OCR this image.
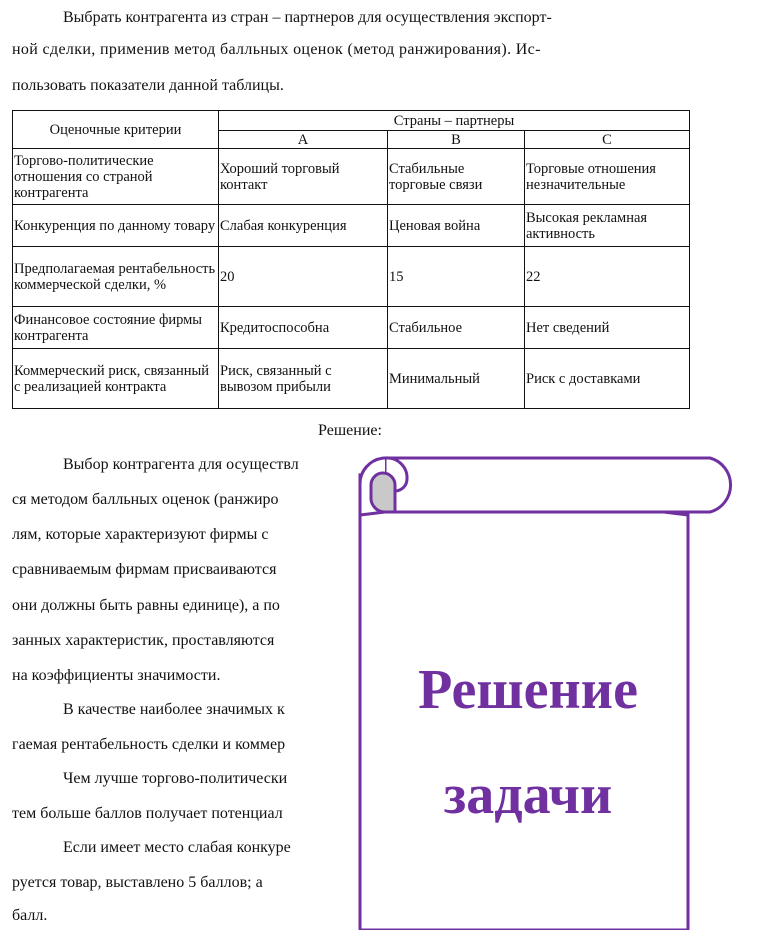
Выбрать контрагента из стран – партнеров для осуществления экспорт-
ной сделки, применив метод балльных оценок (метод ранжирования). Ис-
пользовать показатели данной таблицы.
Оценочные критерии	Страны – партнеры		
	A	B	C
Торгово-политические отношения со страной контрагента	Хороший торговый контакт	Стабильные торговые связи	Торговые отношения незначительные
Конкуренция по данному товару	Слабая конкуренция	Ценовая война	Высокая рекламная активность
Предполагаемая рентабельность коммерческой сделки, %	20	15	22
Финансовое состояние фирмы контрагента	Кредитоспособна	Стабильное	Нет сведений
Коммерческий риск, связанный с реализацией контракта	Риск, связанный с вывозом прибыли	Минимальный	Риск с доставками
Решение:
Выбор контрагента для осуществл
ся методом балльных оценок (ранжиро
лям, которые характеризуют фирмы с
сравниваемым фирмам присваиваются
они должны быть равны единице), а по
занных характеристик, проставляются
на коэффициенты значимости.
В качестве наиболее значимых к
гаемая рентабельность сделки и коммер
Чем лучше торгово-политически
тем больше баллов получает потенциал
Если имеет место слабая конкуре
руется товар, выставлено 5 баллов; а
балл.
Решение
задачи
